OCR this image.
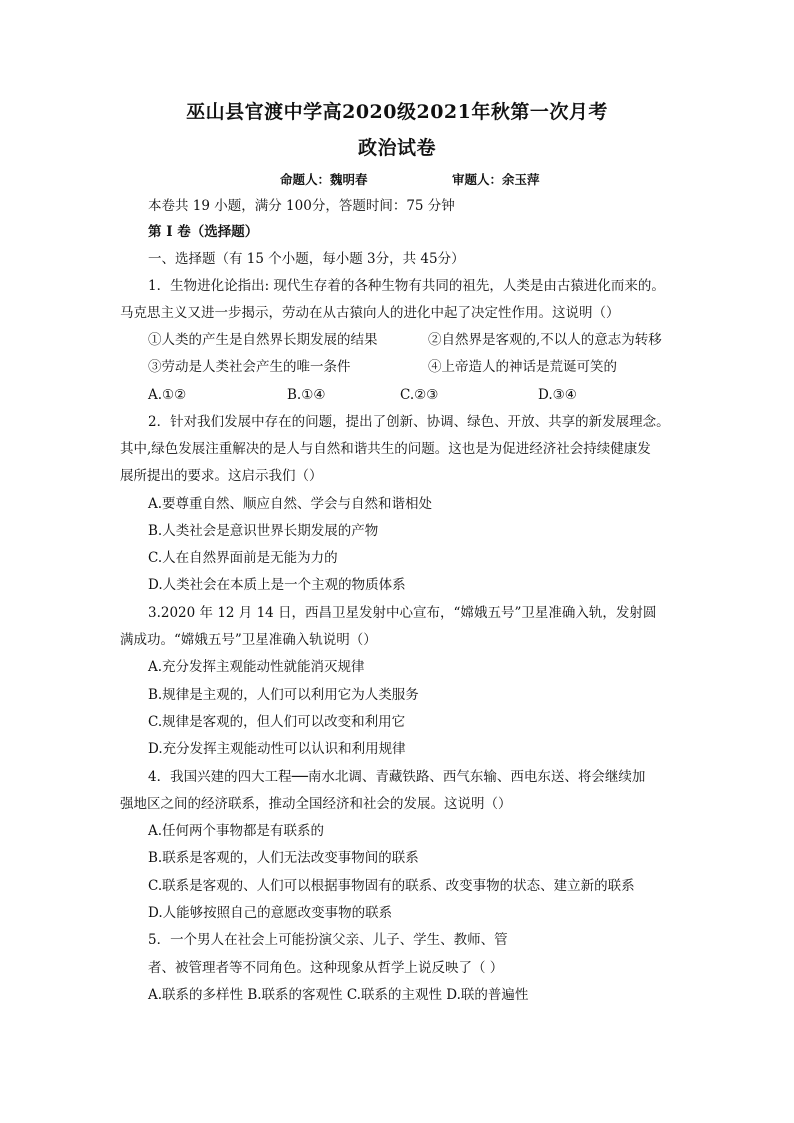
巫山县官渡中学高2020级2021年秋第一次月考
政治试卷
命题人：魏明春	审题人：余玉萍
本卷共 19 小题，满分 100分，答题时间：75 分钟
第 I 卷（选择题）
一、选择题（有 15 个小题，每小题 3分，共 45分）
1．生物进化论指出: 现代生存着的各种生物有共同的祖先，人类是由古猿进化而来的。
马克思主义又进一步揭示，劳动在从古猿向人的进化中起了决定性作用。这说明（）
①人类的产生是自然界长期发展的结果	②自然界是客观的,不以人的意志为转移
③劳动是人类社会产生的唯一条件	④上帝造人的神话是荒诞可笑的
A.①②	B.①④	C.②③	D.③④
2．针对我们发展中存在的问题，提出了创新、协调、绿色、开放、共享的新发展理念。
其中,绿色发展注重解决的是人与自然和谐共生的问题。这也是为促进经济社会持续健康发
展所提出的要求。这启示我们（）
A.要尊重自然、顺应自然、学会与自然和谐相处
B.人类社会是意识世界长期发展的产物
C.人在自然界面前是无能为力的
D.人类社会在本质上是一个主观的物质体系
3.2020 年 12 月 14 日，西昌卫星发射中心宣布，“嫦娥五号”卫星准确入轨，发射圆
满成功。“嫦娥五号”卫星准确入轨说明（）
A.充分发挥主观能动性就能消灭规律
B.规律是主观的，人们可以利用它为人类服务
C.规律是客观的，但人们可以改变和利用它
D.充分发挥主观能动性可以认识和利用规律
4．我国兴建的四大工程──南水北调、青藏铁路、西气东输、西电东送、将会继续加
强地区之间的经济联系，推动全国经济和社会的发展。这说明（）
A.任何两个事物都是有联系的
B.联系是客观的，人们无法改变事物间的联系
C.联系是客观的、人们可以根据事物固有的联系、改变事物的状态、建立新的联系
D.人能够按照自己的意愿改变事物的联系
5．一个男人在社会上可能扮演父亲、儿子、学生、教师、管
者、被管理者等不同角色。这种现象从哲学上说反映了（ ）
A.联系的多样性 B.联系的客观性 C.联系的主观性 D.联的普遍性
